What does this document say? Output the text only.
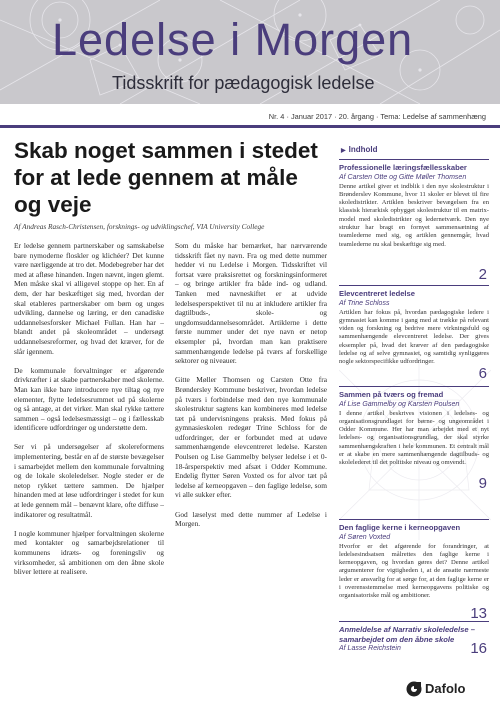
Ledelse i Morgen
Tidsskrift for pædagogisk ledelse
Nr. 4 · Januar 2017 · 20. årgang · Tema: Ledelse af sammenhæng
Skab noget sammen i stedet for at lede gennem at måle og veje
Af Andreas Rasch-Christensen, forsknings- og udviklingschef, VIA University College

Er ledelse gennem partnerskaber og samskabelse bare nymoderne floskler og klichéer? Det kunne være nærliggende at tro det. Modebegreber har det med at afløse hinanden. Ingen nævnt, ingen glemt. Men måske skal vi alligevel stoppe op her. En af dem, der har beskæftiget sig med, hvordan der skal etableres partnerskaber om børn og unges udvikling, dannelse og læring, er den canadiske uddannelsesforsker Michael Fullan. Han har – blandt andet på skoleområdet – undersøgt uddannelsesreformer, og hvad det kræver, for de slår igennem.

De kommunale forvaltninger er afgørende drivkræfter i at skabe partnerskaber med skolerne. Man kan ikke bare introducere nye tiltag og nye elementer, flytte ledelsesrummet ud på skolerne og så antage, at det virker. Man skal rykke tættere sammen – også ledelsesmæssigt – og i fællesskab identificere udfordringer og understøtte dem.

Ser vi på undersøgelser af skolereformens implementering, består en af de største bevægelser i samarbejdet mellem den kommunale forvaltning og de lokale skoleledelser. Nogle steder er de netop rykket tættere sammen. De hjælper hinanden med at løse udfordringer i stedet for kun at lede gennem mål – benævnt klare, ofte diffuse – indikatorer og resultatmål.

I nogle kommuner hjælper forvaltningen skolerne med kontakter og samarbejdsrelationer til kommunens idræts- og foreningsliv og virksomheder, så ambitionen om den åbne skole bliver lettere at realisere.

Som du måske har bemærket, har nærværende tidsskrift fået ny navn. Fra og med dette nummer hedder vi nu Ledelse i Morgen. Tidsskriftet vil fortsat være praksisrettet og forskningsinformeret – og bringe artikler fra både ind- og udland. Tanken med navneskiftet er at udvide ledelsesperspektivet til nu at inkludere artikler fra dagtilbuds-, skole- og ungdomsuddannelsesområdet. Artiklerne i dette første nummer under det nye navn er netop eksempler på, hvordan man kan praktisere sammenhængende ledelse på tværs af forskellige sektorer og niveauer.

Gitte Møller Thomsen og Carsten Otte fra Brøndersley Kommune beskriver, hvordan ledelse på tværs i forbindelse med den nye kommunale skolestruktur sagtens kan kombineres med ledelse tæt på undervisningens praksis. Med fokus på gymnasieskolen redegør Trine Schloss for de udfordringer, der er forbundet med at udøve sammenhængende elevcentreret ledelse. Karsten Poulsen og Lise Gammelby belyser ledelse i et 0-18-årsperspektiv med afsæt i Odder Kommune. Endelig flytter Søren Voxted os for alvor tæt på ledelse af kerneopgaven – den faglige ledelse, som vi alle sukker efter.

God læselyst med dette nummer af Ledelse i Morgen.

▶ Indhold
Professionelle læringsfællesskaber
Af Carsten Otte og Gitte Møller Thomsen
Denne artikel giver et indblik i den nye skolestruktur i Brønderslev Kommune, hvor 11 skoler er blevet til fire skoledistrikter. Artiklen beskriver bevægelsen fra en klassisk hierarkisk opbygget skolestruktur til en matrix-model med skoledistrikter og ledernetværk. Den nye struktur har bragt en fornyet sammensætning af teamlederne med sig, og artiklen gennemgår, hvad teamlederne nu skal beskæftige sig med.
2
Elevcentreret ledelse
Af Trine Schloss
Artiklen har fokus på, hvordan pædagogiske ledere i gymnasiet kan komme i gang med at trække på relevant viden og forskning og bedrive mere virkningsfuld og sammenhængende elevcentreret ledelse. Der gives eksempler på, hvad det kræver af den pædagogiske ledelse og af selve gymnasiet, og samtidig synliggøres nogle sektorspecifikke udfordringer.
6
Sammen på tværs og fremad
Af Lise Gammelby og Karsten Poulsen
I denne artikel beskrives visionen i ledelses- og organisationsgrundlaget for børne- og ungeområdet i Odder Kommune. Her har man arbejdet med et nyt ledelses- og organisationsgrundlag, der skal styrke sammenhængskraften i hele kommunen. Et centralt mål er at skabe en mere sammenhængende dagtilbuds- og skolelederet til det politiske niveau og omvendt.
9
Den faglige kerne i kerneopgaven
Af Søren Voxted
Hvorfor er det afgørende for forandringer, at ledelsesindsatsen målrettes den faglige kerne i kerneopgaven, og hvordan gøres det? Denne artikel argumenterer for vigtigheden i, at de ansatte nærmeste leder er ansvarlig for at sørge for, at den faglige kerne er i overensstemmelse med kerneopgavens politiske og organisatoriske mål og ambitioner.
13
Anmeldelse af Narrativ skoleledelse – samarbejdet om den åbne skole
Af Lasse Reichstein	16
Dafolo
